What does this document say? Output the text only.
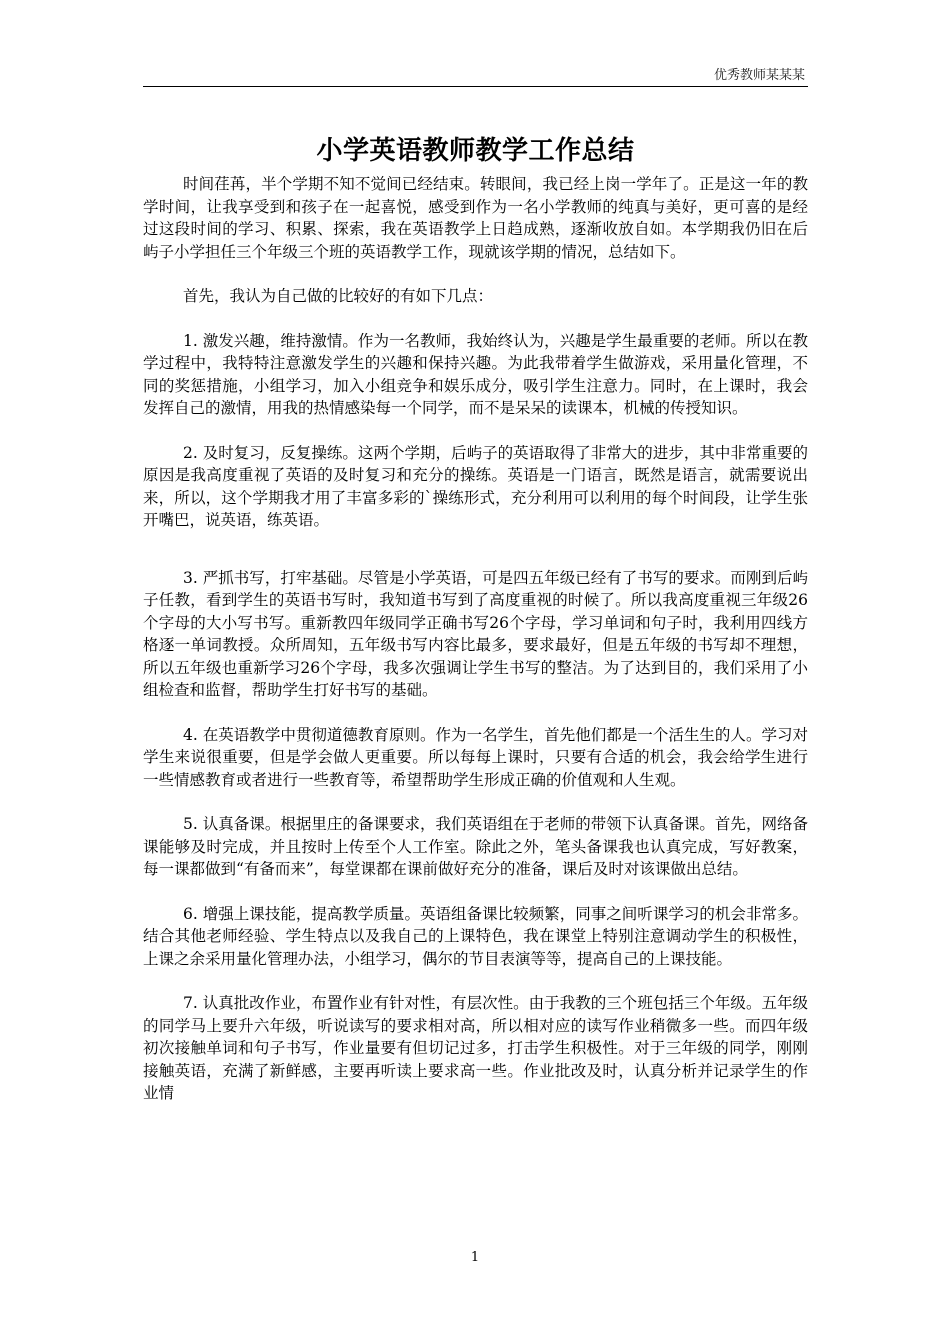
优秀教师某某某
小学英语教师教学工作总结

时间荏苒，半个学期不知不觉间已经结束。转眼间，我已经上岗一学年了。正是这一年的教学时间，让我享受到和孩子在一起喜悦，感受到作为一名小学教师的纯真与美好，更可喜的是经过这段时间的学习、积累、探索，我在英语教学上日趋成熟，逐渐收放自如。本学期我仍旧在后屿子小学担任三个年级三个班的英语教学工作，现就该学期的情况，总结如下。

首先，我认为自己做的比较好的有如下几点：

1. 激发兴趣，维持激情。作为一名教师，我始终认为，兴趣是学生最重要的老师。所以在教学过程中，我特特注意激发学生的兴趣和保持兴趣。为此我带着学生做游戏，采用量化管理，不同的奖惩措施，小组学习，加入小组竞争和娱乐成分，吸引学生注意力。同时，在上课时，我会发挥自己的激情，用我的热情感染每一个同学，而不是呆呆的读课本，机械的传授知识。

2. 及时复习，反复操练。这两个学期，后屿子的英语取得了非常大的进步，其中非常重要的原因是我高度重视了英语的及时复习和充分的操练。英语是一门语言，既然是语言，就需要说出来，所以，这个学期我才用了丰富多彩的`操练形式，充分利用可以利用的每个时间段，让学生张开嘴巴，说英语，练英语。

3. 严抓书写，打牢基础。尽管是小学英语，可是四五年级已经有了书写的要求。而刚到后屿子任教，看到学生的英语书写时，我知道书写到了高度重视的时候了。所以我高度重视三年级26个字母的大小写书写。重新教四年级同学正确书写26个字母，学习单词和句子时，我利用四线方格逐一单词教授。众所周知，五年级书写内容比最多，要求最好，但是五年级的书写却不理想，所以五年级也重新学习26个字母，我多次强调让学生书写的整洁。为了达到目的，我们采用了小组检查和监督，帮助学生打好书写的基础。

4. 在英语教学中贯彻道德教育原则。作为一名学生，首先他们都是一个活生生的人。学习对学生来说很重要，但是学会做人更重要。所以每每上课时，只要有合适的机会，我会给学生进行一些情感教育或者进行一些教育等，希望帮助学生形成正确的价值观和人生观。

5. 认真备课。根据里庄的备课要求，我们英语组在于老师的带领下认真备课。首先，网络备课能够及时完成，并且按时上传至个人工作室。除此之外，笔头备课我也认真完成，写好教案，每一课都做到“有备而来”，每堂课都在课前做好充分的准备，课后及时对该课做出总结。

6. 增强上课技能，提高教学质量。英语组备课比较频繁，同事之间听课学习的机会非常多。结合其他老师经验、学生特点以及我自己的上课特色，我在课堂上特别注意调动学生的积极性，上课之余采用量化管理办法，小组学习，偶尔的节目表演等等，提高自己的上课技能。

7. 认真批改作业，布置作业有针对性，有层次性。由于我教的三个班包括三个年级。五年级的同学马上要升六年级，听说读写的要求相对高，所以相对应的读写作业稍微多一些。而四年级初次接触单词和句子书写，作业量要有但切记过多，打击学生积极性。对于三年级的同学，刚刚接触英语，充满了新鲜感，主要再听读上要求高一些。作业批改及时，认真分析并记录学生的作业情

1
